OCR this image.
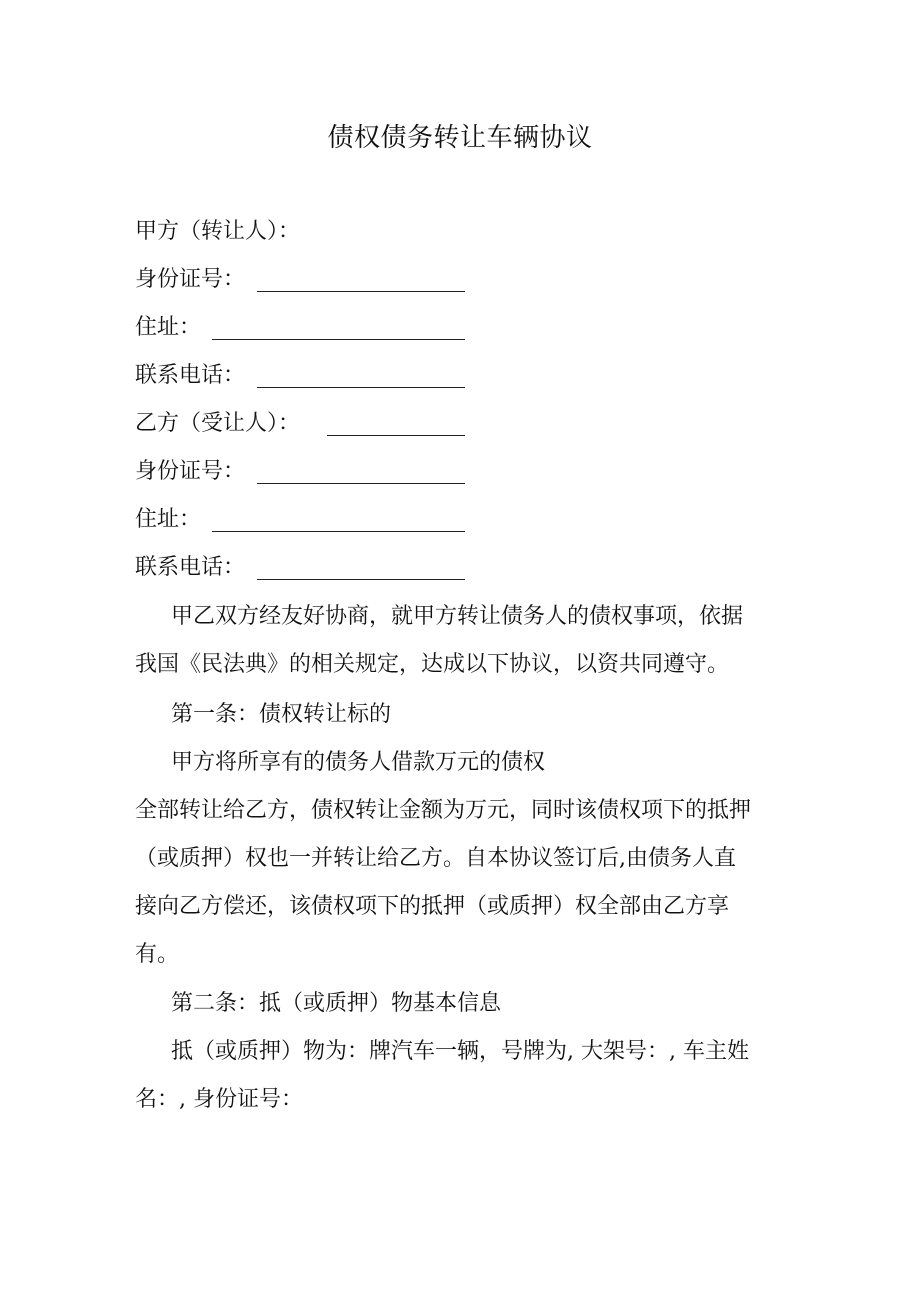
债权债务转让车辆协议
甲方（转让人）：
身份证号：
住址：
联系电话：
乙方（受让人）：
身份证号：
住址：
联系电话：
甲乙双方经友好协商，就甲方转让债务人的债权事项，依据
我国《民法典》的相关规定，达成以下协议，以资共同遵守。
第一条：债权转让标的
甲方将所享有的债务人借款万元的债权
全部转让给乙方，债权转让金额为万元，同时该债权项下的抵押
（或质押）权也一并转让给乙方。自本协议签订后,由债务人直
接向乙方偿还，该债权项下的抵押（或质押）权全部由乙方享
有。
第二条：抵（或质押）物基本信息
抵（或质押）物为：牌汽车一辆，号牌为, 大架号：, 车主姓
名：, 身份证号：
